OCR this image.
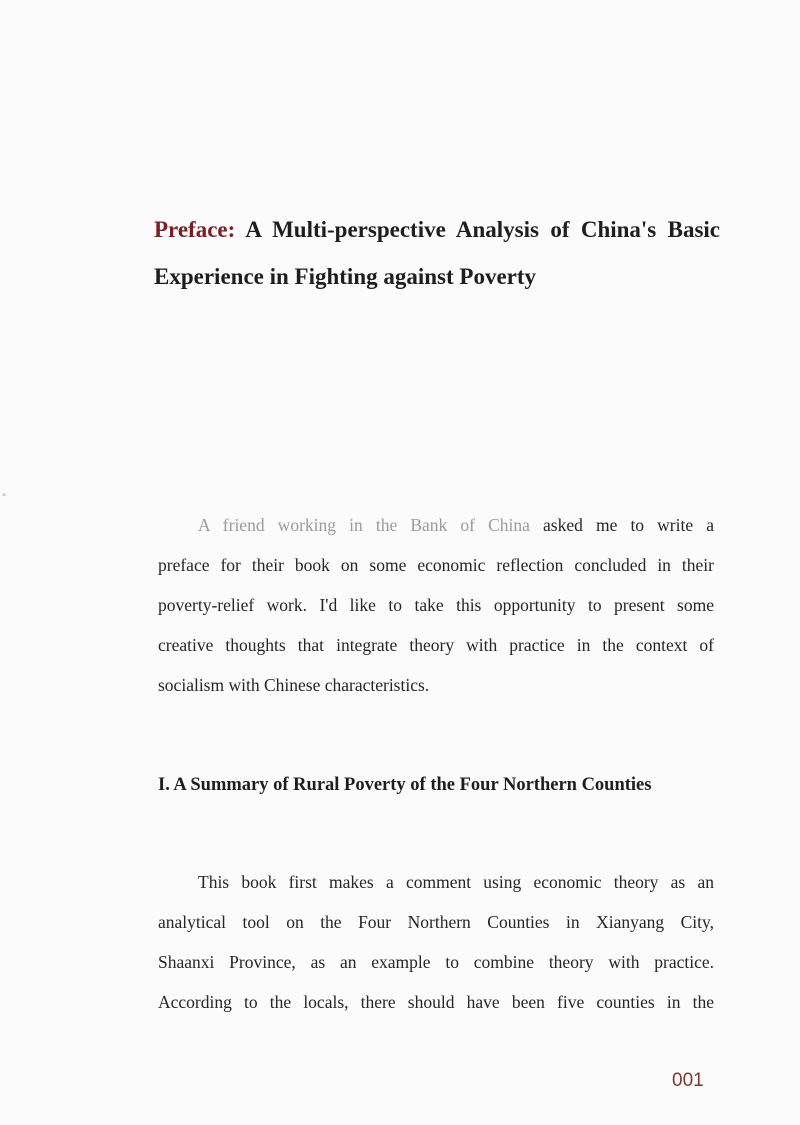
Preface: A Multi-perspective Analysis of China's Basic
Experience in Fighting against Poverty
"

A friend working in the Bank of China asked me to write a
preface for their book on some economic reflection concluded in their
poverty-relief work. I'd like to take this opportunity to present some
creative thoughts that integrate theory with practice in the context of
socialism with Chinese characteristics.

I. A Summary of Rural Poverty of the Four Northern Counties

This book first makes a comment using economic theory as an
analytical tool on the Four Northern Counties in Xianyang City,
Shaanxi Province, as an example to combine theory with practice.
According to the locals, there should have been five counties in the

001
